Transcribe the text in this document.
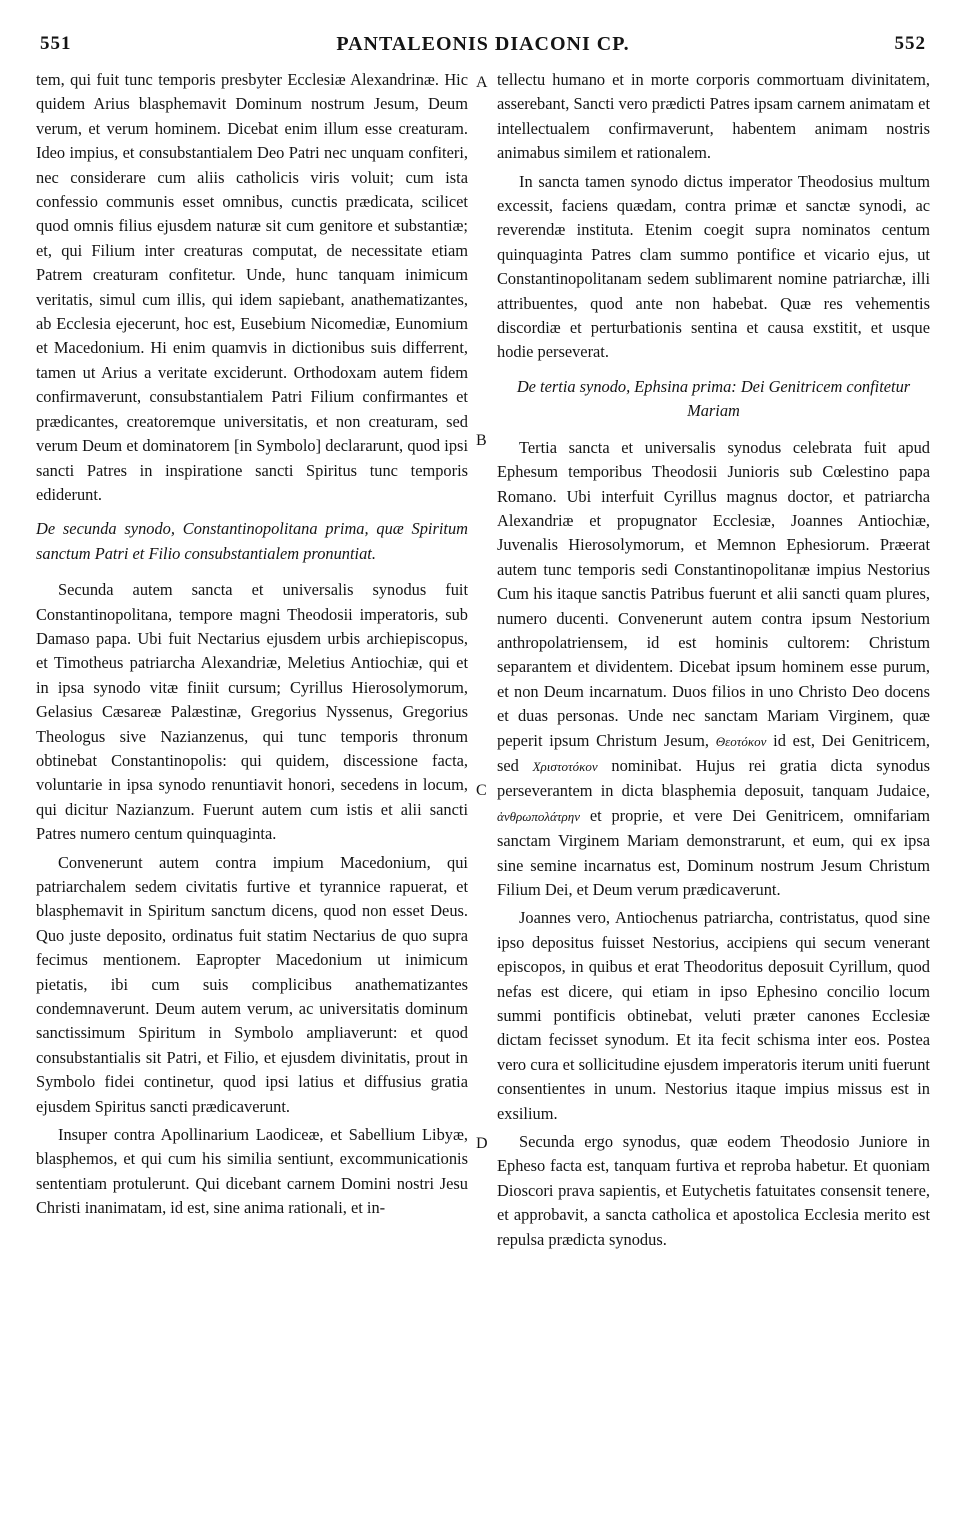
551	PANTALEONIS DIACONI CP.	552
A
B
C
D

tem, qui fuit tunc temporis presbyter Ecclesiæ Alexandrinæ. Hic quidem Arius blasphemavit Dominum nostrum Jesum, Deum verum, et verum hominem. Dicebat enim illum esse creaturam. Ideo impius, et consubstantialem Deo Patri nec unquam confiteri, nec considerare cum aliis catholicis viris voluit; cum ista confessio communis esset omnibus, cunctis prædicata, scilicet quod omnis filius ejusdem naturæ sit cum genitore et substantiæ; et, qui Filium inter creaturas computat, de necessitate etiam Patrem creaturam confitetur. Unde, hunc tanquam inimicum veritatis, simul cum illis, qui idem sapiebant, anathematizantes, ab Ecclesia ejecerunt, hoc est, Eusebium Nicomediæ, Eunomium et Macedonium. Hi enim quamvis in dictionibus suis differrent, tamen ut Arius a veritate exciderunt. Orthodoxam autem fidem confirmaverunt, consubstantialem Patri Filium confirmantes et prædicantes, creatoremque universitatis, et non creaturam, sed verum Deum et dominatorem [in Symbolo] declararunt, quod ipsi sancti Patres in inspiratione sancti Spiritus tunc temporis ediderunt.

De secunda synodo, Constantinopolitana prima, quæ Spiritum sanctum Patri et Filio consubstantialem pronuntiat.

Secunda autem sancta et universalis synodus fuit Constantinopolitana, tempore magni Theodosii imperatoris, sub Damaso papa. Ubi fuit Nectarius ejusdem urbis archiepiscopus, et Timotheus patriarcha Alexandriæ, Meletius Antiochiæ, qui et in ipsa synodo vitæ finiit cursum; Cyrillus Hierosolymorum, Gelasius Cæsareæ Palæstinæ, Gregorius Nyssenus, Gregorius Theologus sive Nazianzenus, qui tunc temporis thronum obtinebat Constantinopolis: qui quidem, discessione facta, voluntarie in ipsa synodo renuntiavit honori, secedens in locum, qui dicitur Nazianzum. Fuerunt autem cum istis et alii sancti Patres numero centum quinquaginta.

Convenerunt autem contra impium Macedonium, qui patriarchalem sedem civitatis furtive et tyrannice rapuerat, et blasphemavit in Spiritum sanctum dicens, quod non esset Deus. Quo juste deposito, ordinatus fuit statim Nectarius de quo supra fecimus mentionem. Eapropter Macedonium ut inimicum pietatis, ibi cum suis complicibus anathematizantes condemnaverunt. Deum autem verum, ac universitatis dominum sanctissimum Spiritum in Symbolo ampliaverunt: et quod consubstantialis sit Patri, et Filio, et ejusdem divinitatis, prout in Symbolo fidei continetur, quod ipsi latius et diffusius gratia ejusdem Spiritus sancti prædicaverunt.

Insuper contra Apollinarium Laodiceæ, et Sabellium Libyæ, blasphemos, et qui cum his similia sentiunt, excommunicationis sententiam protulerunt. Qui dicebant carnem Domini nostri Jesu Christi inanimatam, id est, sine anima rationali, et in-

tellectu humano et in morte corporis commortuam divinitatem, asserebant, Sancti vero prædicti Patres ipsam carnem animatam et intellectualem confirmaverunt, habentem animam nostris animabus similem et rationalem.

In sancta tamen synodo dictus imperator Theodosius multum excessit, faciens quædam, contra primæ et sanctæ synodi, ac reverendæ instituta. Etenim coegit supra nominatos centum quinquaginta Patres clam summo pontifice et vicario ejus, ut Constantinopolitanam sedem sublimarent nomine patriarchæ, illi attribuentes, quod ante non habebat. Quæ res vehementis discordiæ et perturbationis sentina et causa exstitit, et usque hodie perseverat.

De tertia synodo, Ephsina prima: Dei Genitricem confitetur Mariam

Tertia sancta et universalis synodus celebrata fuit apud Ephesum temporibus Theodosii Junioris sub Cœlestino papa Romano. Ubi interfuit Cyrillus magnus doctor, et patriarcha Alexandriæ et propugnator Ecclesiæ, Joannes Antiochiæ, Juvenalis Hierosolymorum, et Memnon Ephesiorum. Præerat autem tunc temporis sedi Constantinopolitanæ impius Nestorius Cum his itaque sanctis Patribus fuerunt et alii sancti quam plures, numero ducenti. Convenerunt autem contra ipsum Nestorium anthropolatriensem, id est hominis cultorem: Christum separantem et dividentem. Dicebat ipsum hominem esse purum, et non Deum incarnatum. Duos filios in uno Christo Deo docens et duas personas. Unde nec sanctam Mariam Virginem, quæ peperit ipsum Christum Jesum, Θεοτόκον id est, Dei Genitricem, sed Χριστοτόκον nominibat. Hujus rei gratia dicta synodus perseverantem in dicta blasphemia deposuit, tanquam Judaice, ἀνθρωπολάτρην et proprie, et vere Dei Genitricem, omnifariam sanctam Virginem Mariam demonstrarunt, et eum, qui ex ipsa sine semine incarnatus est, Dominum nostrum Jesum Christum Filium Dei, et Deum verum prædicaverunt.

Joannes vero, Antiochenus patriarcha, contristatus, quod sine ipso depositus fuisset Nestorius, accipiens qui secum venerant episcopos, in quibus et erat Theodoritus deposuit Cyrillum, quod nefas est dicere, qui etiam in ipso Ephesino concilio locum summi pontificis obtinebat, veluti præter canones Ecclesiæ dictam fecisset synodum. Et ita fecit schisma inter eos. Postea vero cura et sollicitudine ejusdem imperatoris iterum uniti fuerunt consentientes in unum. Nestorius itaque impius missus est in exsilium.

Secunda ergo synodus, quæ eodem Theodosio Juniore in Epheso facta est, tanquam furtiva et reproba habetur. Et quoniam Dioscori prava sapientis, et Eutychetis fatuitates consensit tenere, et approbavit, a sancta catholica et apostolica Ecclesia merito est repulsa prædicta synodus.
